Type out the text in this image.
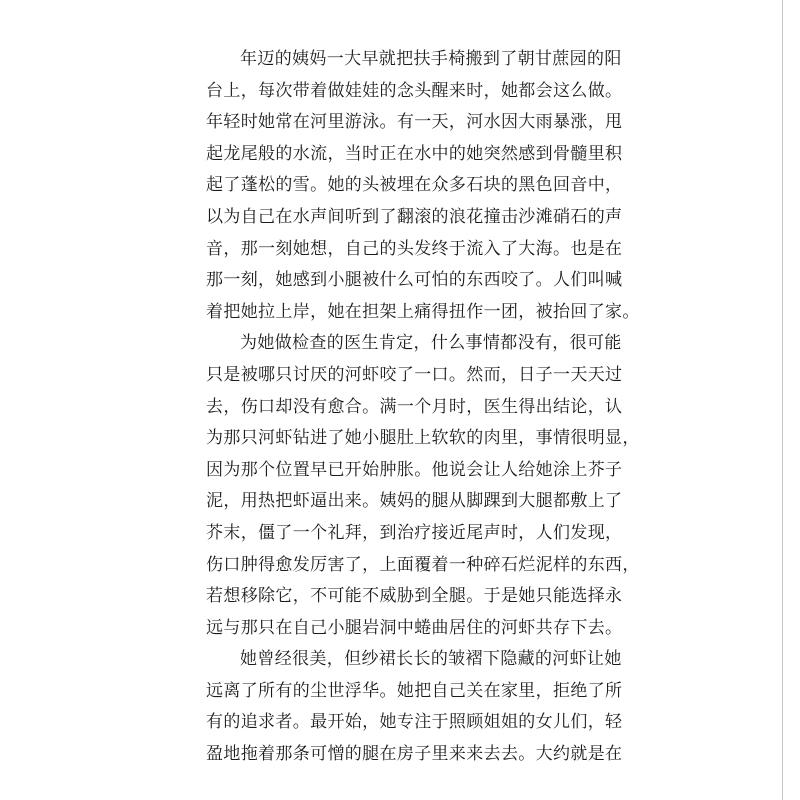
年迈的姨妈一大早就把扶手椅搬到了朝甘蔗园的阳
台上，每次带着做娃娃的念头醒来时，她都会这么做。
年轻时她常在河里游泳。有一天，河水因大雨暴涨，甩
起龙尾般的水流，当时正在水中的她突然感到骨髓里积
起了蓬松的雪。她的头被埋在众多石块的黑色回音中，
以为自己在水声间听到了翻滚的浪花撞击沙滩硝石的声
音，那一刻她想，自己的头发终于流入了大海。也是在
那一刻，她感到小腿被什么可怕的东西咬了。人们叫喊
着把她拉上岸，她在担架上痛得扭作一团，被抬回了家。

为她做检查的医生肯定，什么事情都没有，很可能
只是被哪只讨厌的河虾咬了一口。然而，日子一天天过
去，伤口却没有愈合。满一个月时，医生得出结论，认
为那只河虾钻进了她小腿肚上软软的肉里，事情很明显，
因为那个位置早已开始肿胀。他说会让人给她涂上芥子
泥，用热把虾逼出来。姨妈的腿从脚踝到大腿都敷上了
芥末，僵了一个礼拜，到治疗接近尾声时，人们发现，
伤口肿得愈发厉害了，上面覆着一种碎石烂泥样的东西，
若想移除它，不可能不威胁到全腿。于是她只能选择永
远与那只在自己小腿岩洞中蜷曲居住的河虾共存下去。

她曾经很美，但纱裙长长的皱褶下隐藏的河虾让她
远离了所有的尘世浮华。她把自己关在家里，拒绝了所
有的追求者。最开始，她专注于照顾姐姐的女儿们，轻
盈地拖着那条可憎的腿在房子里来来去去。大约就是在
